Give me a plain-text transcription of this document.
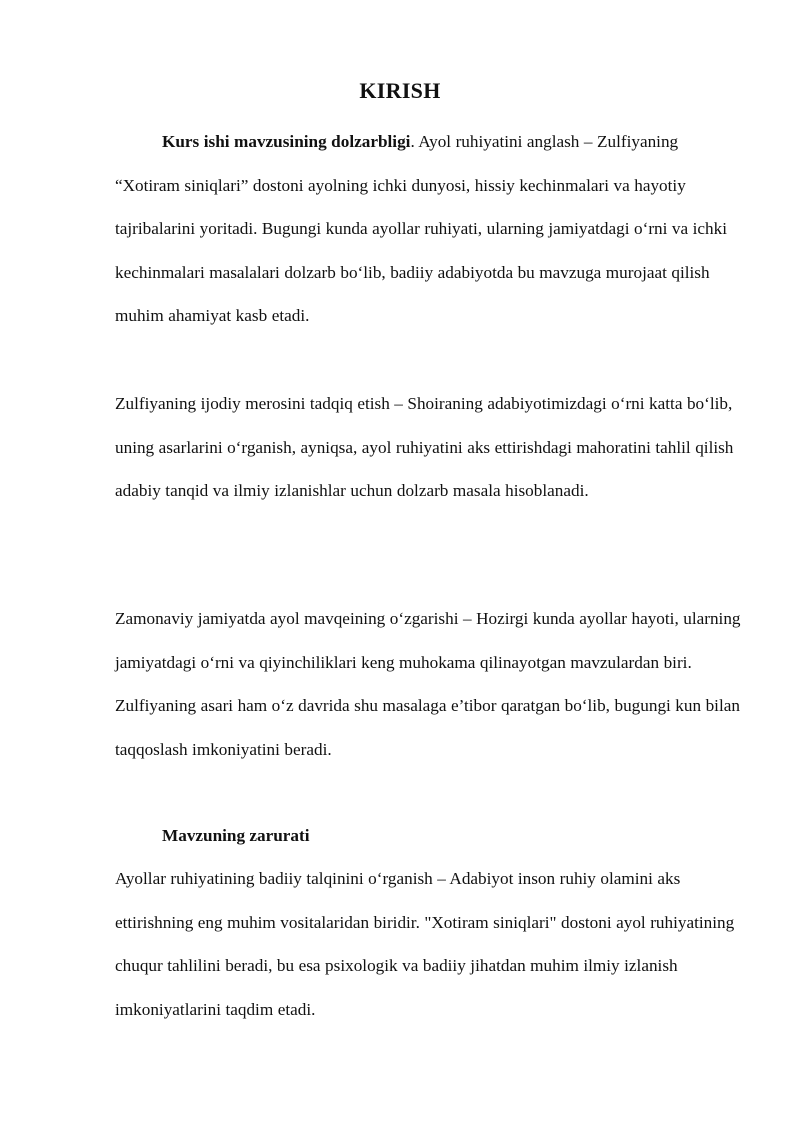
KIRISH

Kurs ishi mavzusining dolzarbligi. Ayol ruhiyatini anglash – Zulfiyaning “Xotiram siniqlari” dostoni ayolning ichki dunyosi, hissiy kechinmalari va hayotiy tajribalarini yoritadi. Bugungi kunda ayollar ruhiyati, ularning jamiyatdagi o‘rni va ichki kechinmalari masalalari dolzarb bo‘lib, badiiy adabiyotda bu mavzuga murojaat qilish muhim ahamiyat kasb etadi.

Zulfiyaning ijodiy merosini tadqiq etish – Shoiraning adabiyotimizdagi o‘rni katta bo‘lib, uning asarlarini o‘rganish, ayniqsa, ayol ruhiyatini aks ettirishdagi mahoratini tahlil qilish adabiy tanqid va ilmiy izlanishlar uchun dolzarb masala hisoblanadi.

Zamonaviy jamiyatda ayol mavqeining o‘zgarishi – Hozirgi kunda ayollar hayoti, ularning jamiyatdagi o‘rni va qiyinchiliklari keng muhokama qilinayotgan mavzulardan biri. Zulfiyaning asari ham o‘z davrida shu masalaga e’tibor qaratgan bo‘lib, bugungi kun bilan taqqoslash imkoniyatini beradi.

Mavzuning zarurati

Ayollar ruhiyatining badiiy talqinini o‘rganish – Adabiyot inson ruhiy olamini aks ettirishning eng muhim vositalaridan biridir. "Xotiram siniqlari" dostoni ayol ruhiyatining chuqur tahlilini beradi, bu esa psixologik va badiiy jihatdan muhim ilmiy izlanish imkoniyatlarini taqdim etadi.
